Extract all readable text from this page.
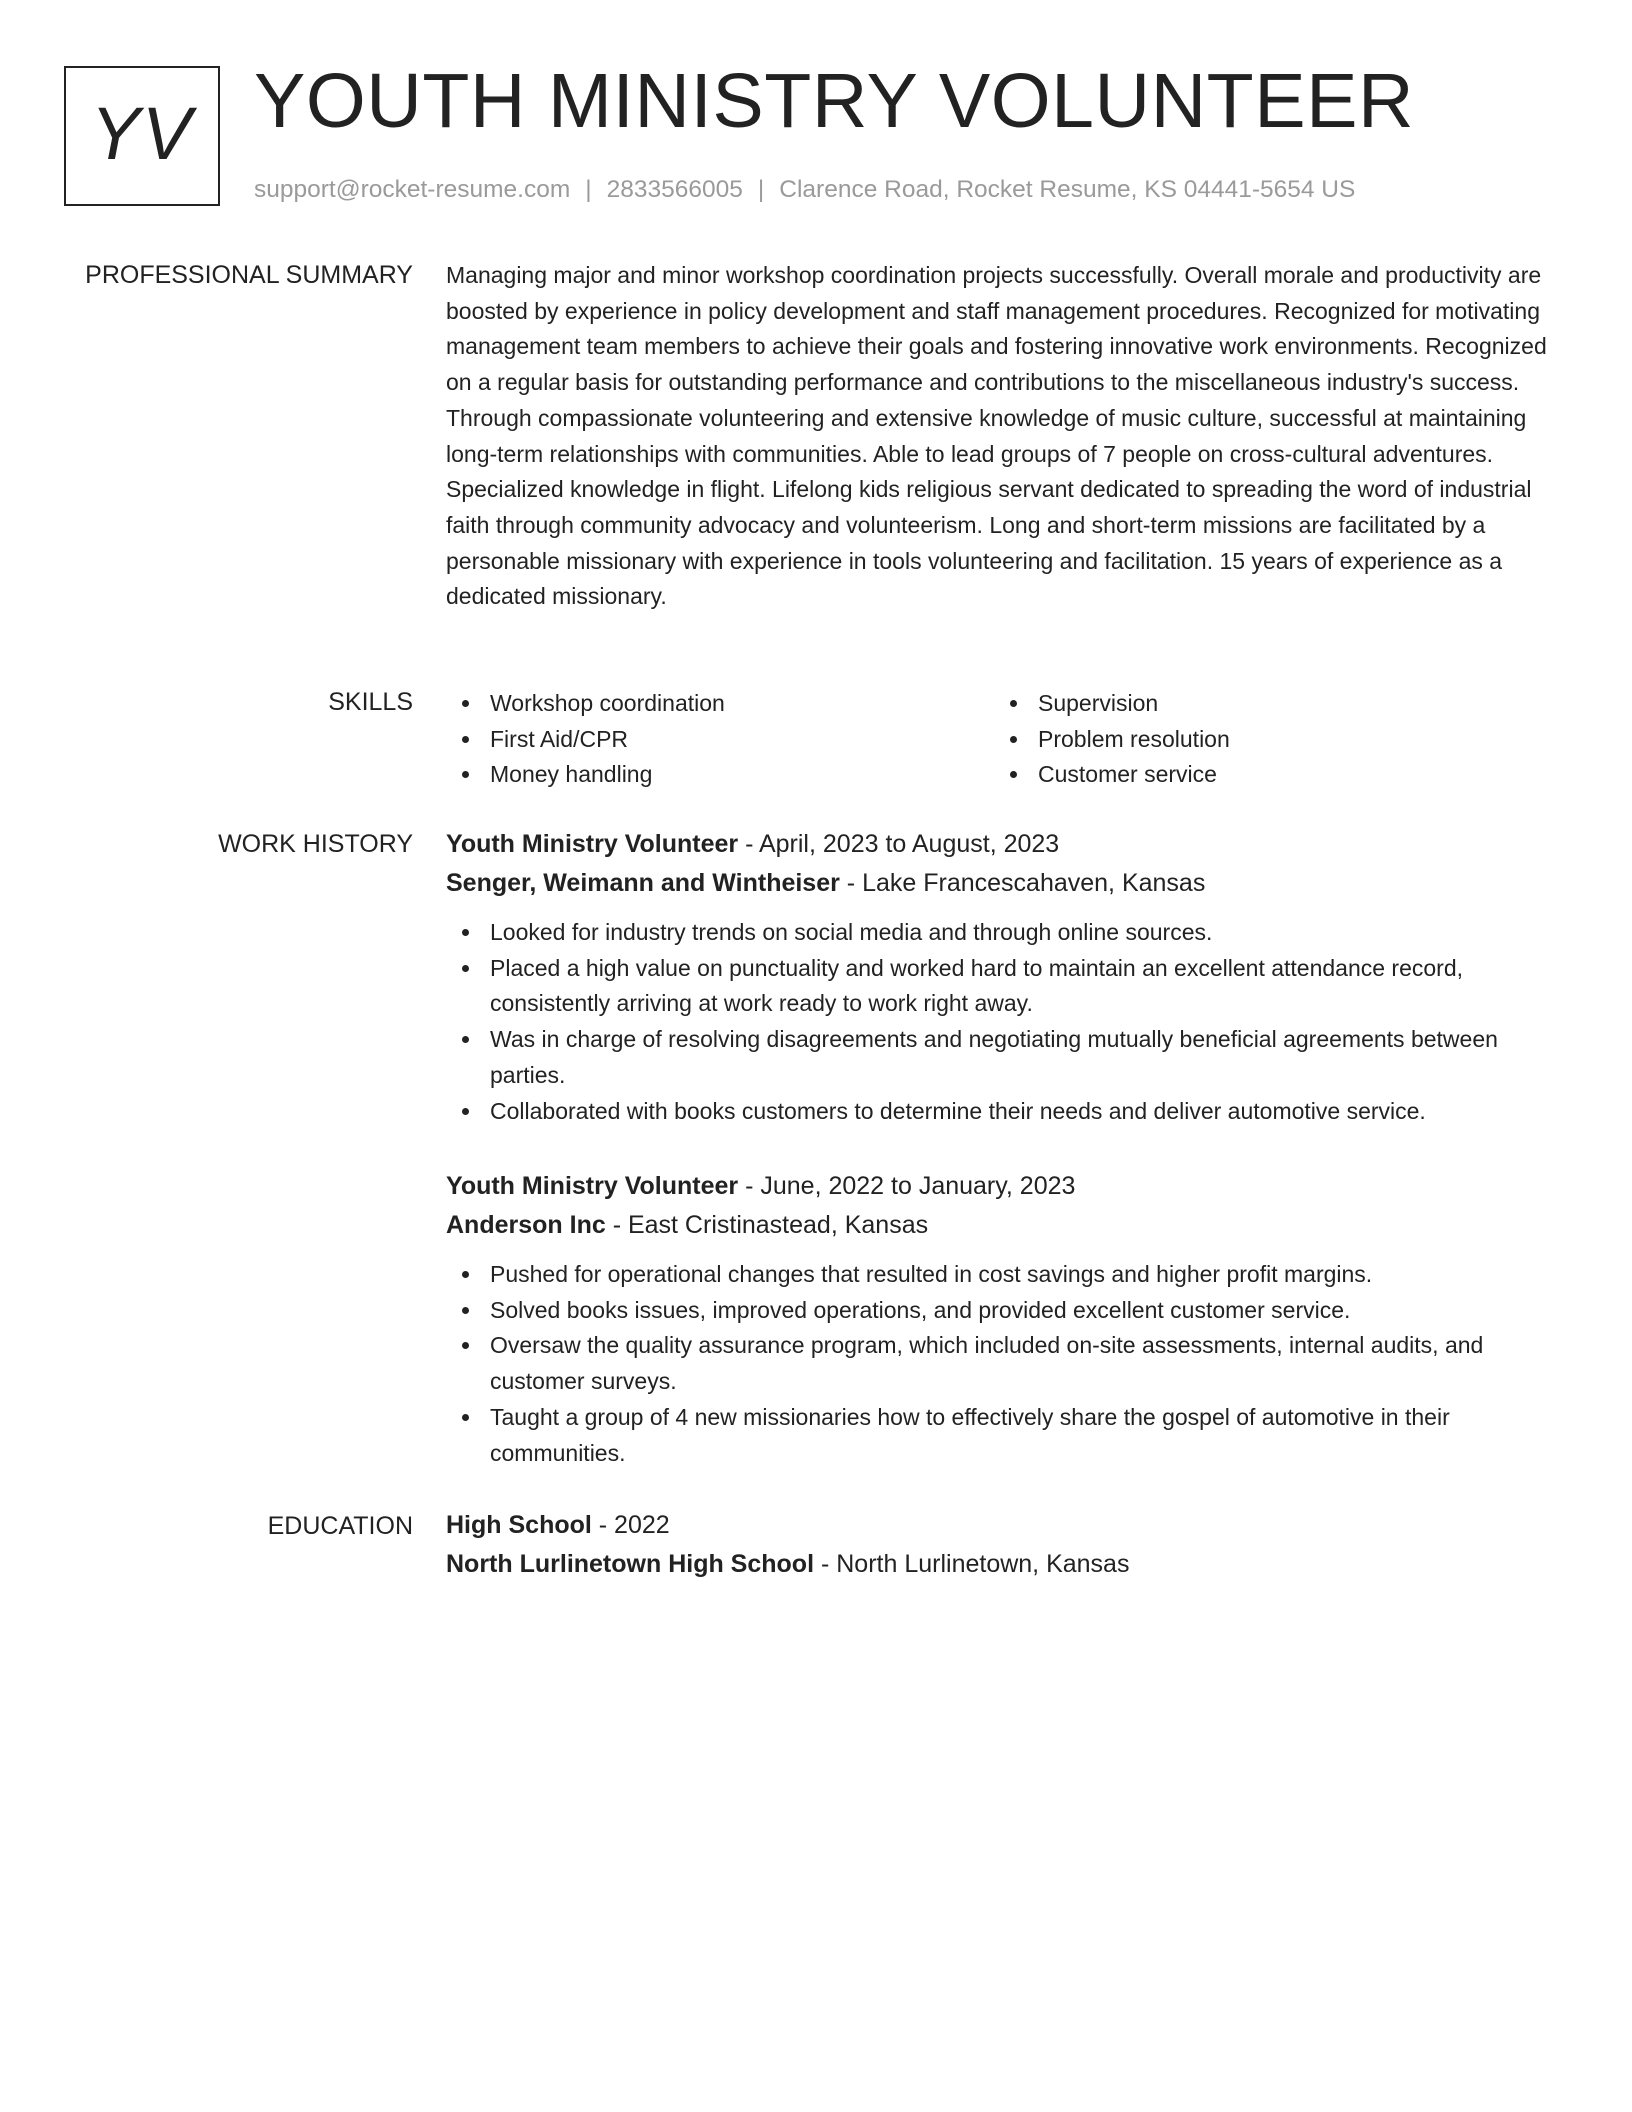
YV YOUTH MINISTRY VOLUNTEER
support@rocket-resume.com | 2833566005 | Clarence Road, Rocket Resume, KS 04441-5654 US
PROFESSIONAL SUMMARY Managing major and minor workshop coordination projects successfully. Overall morale and productivity are boosted by experience in policy development and staff management procedures. Recognized for motivating management team members to achieve their goals and fostering innovative work environments. Recognized on a regular basis for outstanding performance and contributions to the miscellaneous industry's success. Through compassionate volunteering and extensive knowledge of music culture, successful at maintaining long-term relationships with communities. Able to lead groups of 7 people on cross-cultural adventures. Specialized knowledge in flight. Lifelong kids religious servant dedicated to spreading the word of industrial faith through community advocacy and volunteerism. Long and short-term missions are facilitated by a personable missionary with experience in tools volunteering and facilitation. 15 years of experience as a dedicated missionary.
SKILLS	Workshop coordination
First Aid/CPR
Money handling
Supervision
Problem resolution
Customer service
WORK HISTORY Youth Ministry Volunteer - April, 2023 to August, 2023
Senger, Weimann and Wintheiser - Lake Francescahaven, Kansas
Looked for industry trends on social media and through online sources.
Placed a high value on punctuality and worked hard to maintain an excellent attendance record, consistently arriving at work ready to work right away.
Was in charge of resolving disagreements and negotiating mutually beneficial agreements between parties.
Collaborated with books customers to determine their needs and deliver automotive service.
Youth Ministry Volunteer - June, 2022 to January, 2023
Anderson Inc - East Cristinastead, Kansas
Pushed for operational changes that resulted in cost savings and higher profit margins.
Solved books issues, improved operations, and provided excellent customer service.
Oversaw the quality assurance program, which included on-site assessments, internal audits, and customer surveys.
Taught a group of 4 new missionaries how to effectively share the gospel of automotive in their communities.
EDUCATION High School - 2022
North Lurlinetown High School - North Lurlinetown, Kansas
